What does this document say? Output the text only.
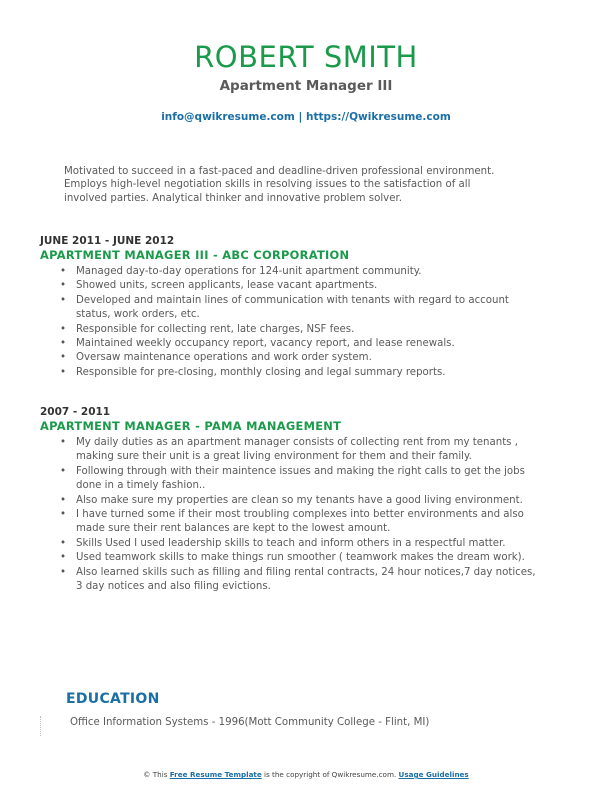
ROBERT SMITH
Apartment Manager III
info@qwikresume.com | https://Qwikresume.com
Motivated to succeed in a fast-paced and deadline-driven professional environment. Employs high-level negotiation skills in resolving issues to the satisfaction of all involved parties. Analytical thinker and innovative problem solver.
JUNE 2011 - JUNE 2012
APARTMENT MANAGER III - ABC CORPORATION
• Managed day-to-day operations for 124-unit apartment community.
• Showed units, screen applicants, lease vacant apartments.
• Developed and maintain lines of communication with tenants with regard to account status, work orders, etc.
• Responsible for collecting rent, late charges, NSF fees.
• Maintained weekly occupancy report, vacancy report, and lease renewals.
• Oversaw maintenance operations and work order system.
• Responsible for pre-closing, monthly closing and legal summary reports.
2007 - 2011
APARTMENT MANAGER - PAMA MANAGEMENT
• My daily duties as an apartment manager consists of collecting rent from my tenants , making sure their unit is a great living environment for them and their family.
• Following through with their maintence issues and making the right calls to get the jobs done in a timely fashion..
• Also make sure my properties are clean so my tenants have a good living environment.
• I have turned some if their most troubling complexes into better environments and also made sure their rent balances are kept to the lowest amount.
• Skills Used I used leadership skills to teach and inform others in a respectful matter.
• Used teamwork skills to make things run smoother ( teamwork makes the dream work).
• Also learned skills such as filling and filing rental contracts, 24 hour notices,7 day notices, 3 day notices and also filing evictions.
EDUCATION
Office Information Systems - 1996(Mott Community College - Flint, MI)
© This Free Resume Template is the copyright of Qwikresume.com. Usage Guidelines
